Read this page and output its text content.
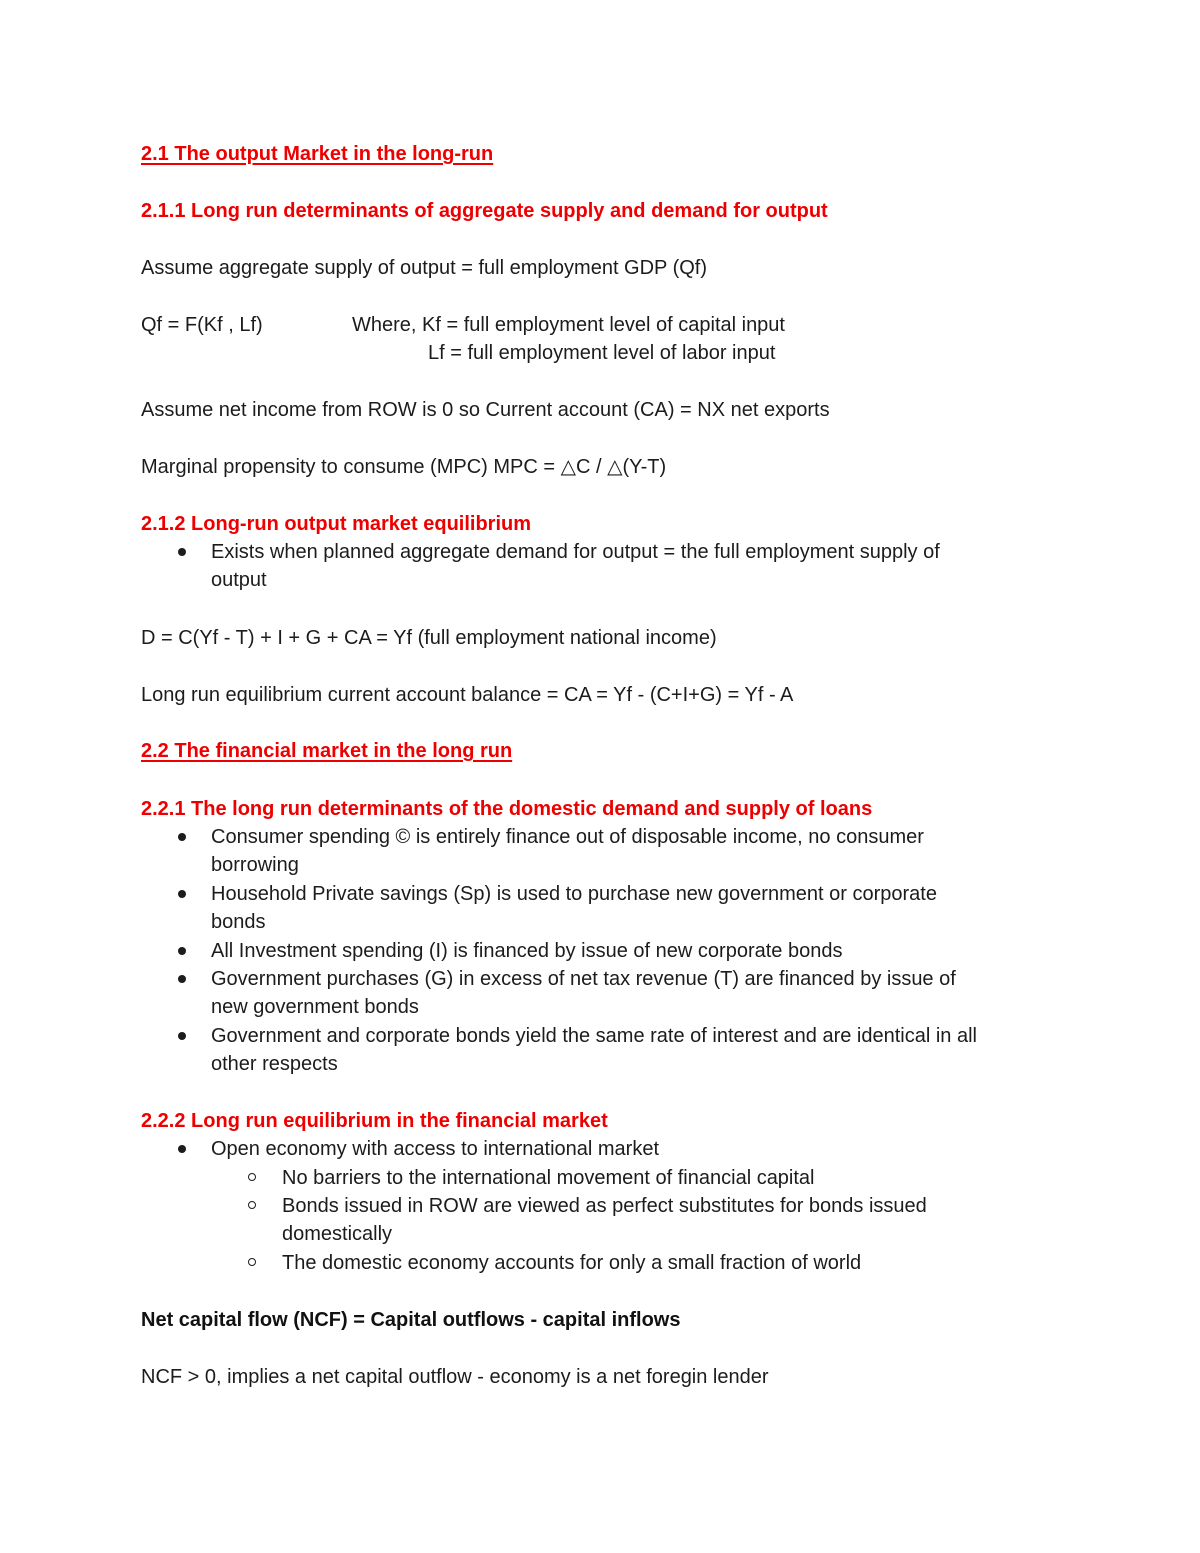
2.1 The output Market in the long-run
2.1.1 Long run determinants of aggregate supply and demand for output
Assume aggregate supply of output = full employment GDP (Qf)
Qf = F(Kf , Lf)	Where, Kf = full employment level of capital input
Lf = full employment level of labor input
Assume net income from ROW is 0 so Current account (CA) = NX net exports
Marginal propensity to consume (MPC) MPC = △C / △(Y-T)
2.1.2 Long-run output market equilibrium
Exists when planned aggregate demand for output = the full employment supply of
output
D = C(Yf - T) + I + G + CA = Yf (full employment national income)
Long run equilibrium current account balance = CA = Yf - (C+I+G) = Yf - A
2.2 The financial market in the long run
2.2.1 The long run determinants of the domestic demand and supply of loans
Consumer spending © is entirely finance out of disposable income, no consumer
borrowing
Household Private savings (Sp) is used to purchase new government or corporate
bonds
All Investment spending (I) is financed by issue of new corporate bonds
Government purchases (G) in excess of net tax revenue (T) are financed by issue of
new government bonds
Government and corporate bonds yield the same rate of interest and are identical in all
other respects
2.2.2 Long run equilibrium in the financial market
Open economy with access to international market
No barriers to the international movement of financial capital
Bonds issued in ROW are viewed as perfect substitutes for bonds issued
domestically
The domestic economy accounts for only a small fraction of world
Net capital flow (NCF) = Capital outflows - capital inflows
NCF > 0, implies a net capital outflow - economy is a net foregin lender
